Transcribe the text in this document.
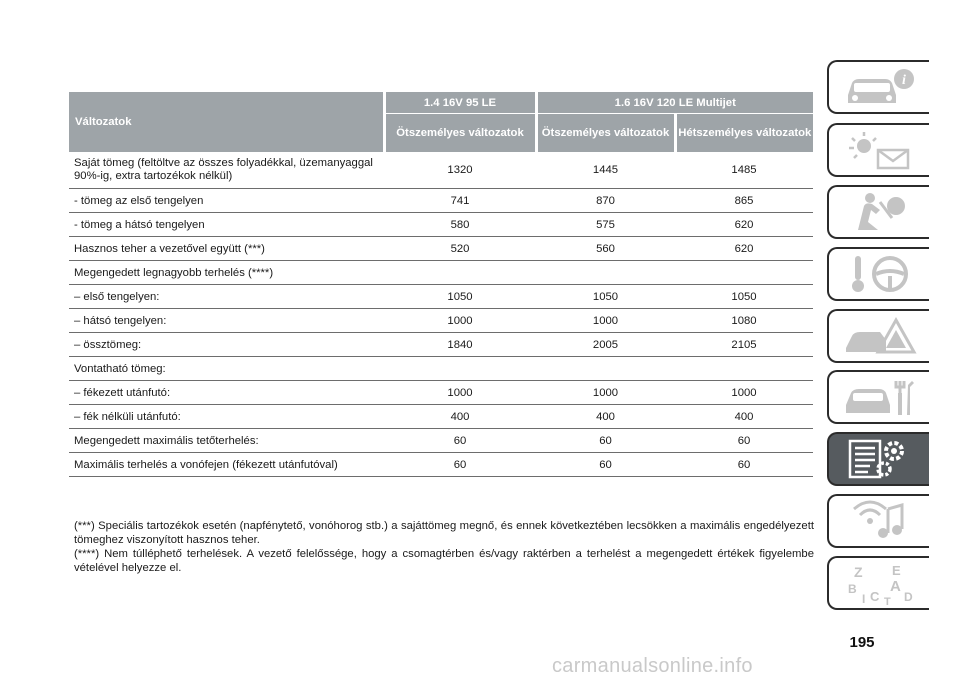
Változatok	1.4 16V 95 LE	1.6 16V 120 LE Multijet	
	Ötszemélyes változatok	Ötszemélyes változatok	Hétszemélyes változatok

Saját tömeg (feltöltve az összes folyadékkal, üzemanyaggal 90%-ig, extra tartozékok nélkül)	1320	1445	1485
- tömeg az első tengelyen	741	870	865
- tömeg a hátsó tengelyen	580	575	620
Hasznos teher a vezetővel együtt (***)	520	560	620
Megengedett legnagyobb terhelés (****)			
– első tengelyen:	1050	1050	1050
– hátsó tengelyen:	1000	1000	1080
– össztömeg:	1840	2005	2105
Vontatható tömeg:			
– fékezett utánfutó:	1000	1000	1000
– fék nélküli utánfutó:	400	400	400
Megengedett maximális tetőterhelés:	60	60	60
Maximális terhelés a vonófejen (fékezett utánfutóval)	60	60	60

(***) Speciális tartozékok esetén (napfénytető, vonóhorog stb.) a sajáttömeg megnő, és ennek következtében lecsökken a maximális engedélyezett tömeghez viszonyított hasznos teher.

(****) Nem túlléphető terhelések. A vezető felelőssége, hogy a csomagtérben és/vagy raktérben a terhelést a megengedett értékek figyelembe vételével helyezze el.

i
Z E
B A
I C T D
195
carmanualsonline.info
